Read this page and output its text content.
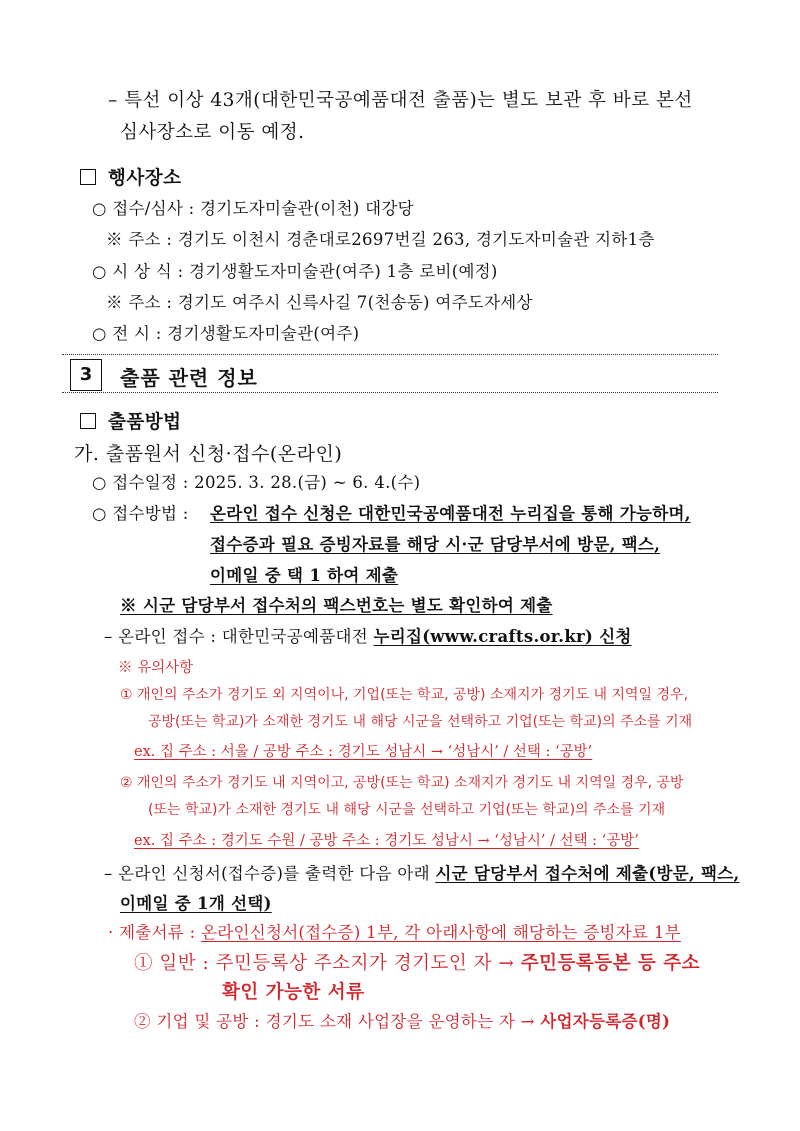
– 특선 이상 43개(대한민국공예품대전 출품)는 별도 보관 후 바로 본선
심사장소로 이동 예정.
행사장소
○ 접수/심사 : 경기도자미술관(이천) 대강당
※ 주소 : 경기도 이천시 경춘대로2697번길 263, 경기도자미술관 지하1층
○ 시 상 식 : 경기생활도자미술관(여주) 1층 로비(예정)
※ 주소 : 경기도 여주시 신륵사길 7(천송동) 여주도자세상
○ 전 시 : 경기생활도자미술관(여주)
3	출품 관련 정보
출품방법
가. 출품원서 신청·접수(온라인)
○ 접수일정 : 2025. 3. 28.(금) ~ 6. 4.(수)
○ 접수방법 : 온라인 접수 신청은 대한민국공예품대전 누리집을 통해 가능하며,
접수증과 필요 증빙자료를 해당 시·군 담당부서에 방문, 팩스,
이메일 중 택 1 하여 제출
※ 시군 담당부서 접수처의 팩스번호는 별도 확인하여 제출
– 온라인 접수 : 대한민국공예품대전 누리집(www.crafts.or.kr) 신청
※ 유의사항
① 개인의 주소가 경기도 외 지역이나, 기업(또는 학교, 공방) 소재지가 경기도 내 지역일 경우,
공방(또는 학교)가 소재한 경기도 내 해당 시군을 선택하고 기업(또는 학교)의 주소를 기재
ex. 집 주소 : 서울 / 공방 주소 : 경기도 성남시 → ‘성남시’ / 선택 : ‘공방’
② 개인의 주소가 경기도 내 지역이고, 공방(또는 학교) 소재지가 경기도 내 지역일 경우, 공방
(또는 학교)가 소재한 경기도 내 해당 시군을 선택하고 기업(또는 학교)의 주소를 기재
ex. 집 주소 : 경기도 수원 / 공방 주소 : 경기도 성남시 → ‘성남시’ / 선택 : ‘공방’
– 온라인 신청서(접수증)를 출력한 다음 아래 시군 담당부서 접수처에 제출(방문, 팩스,
이메일 중 1개 선택)
· 제출서류 : 온라인신청서(접수증) 1부, 각 아래사항에 해당하는 증빙자료 1부
① 일반 : 주민등록상 주소지가 경기도인 자 → 주민등록등본 등 주소
확인 가능한 서류
② 기업 및 공방 : 경기도 소재 사업장을 운영하는 자 → 사업자등록증(명)
